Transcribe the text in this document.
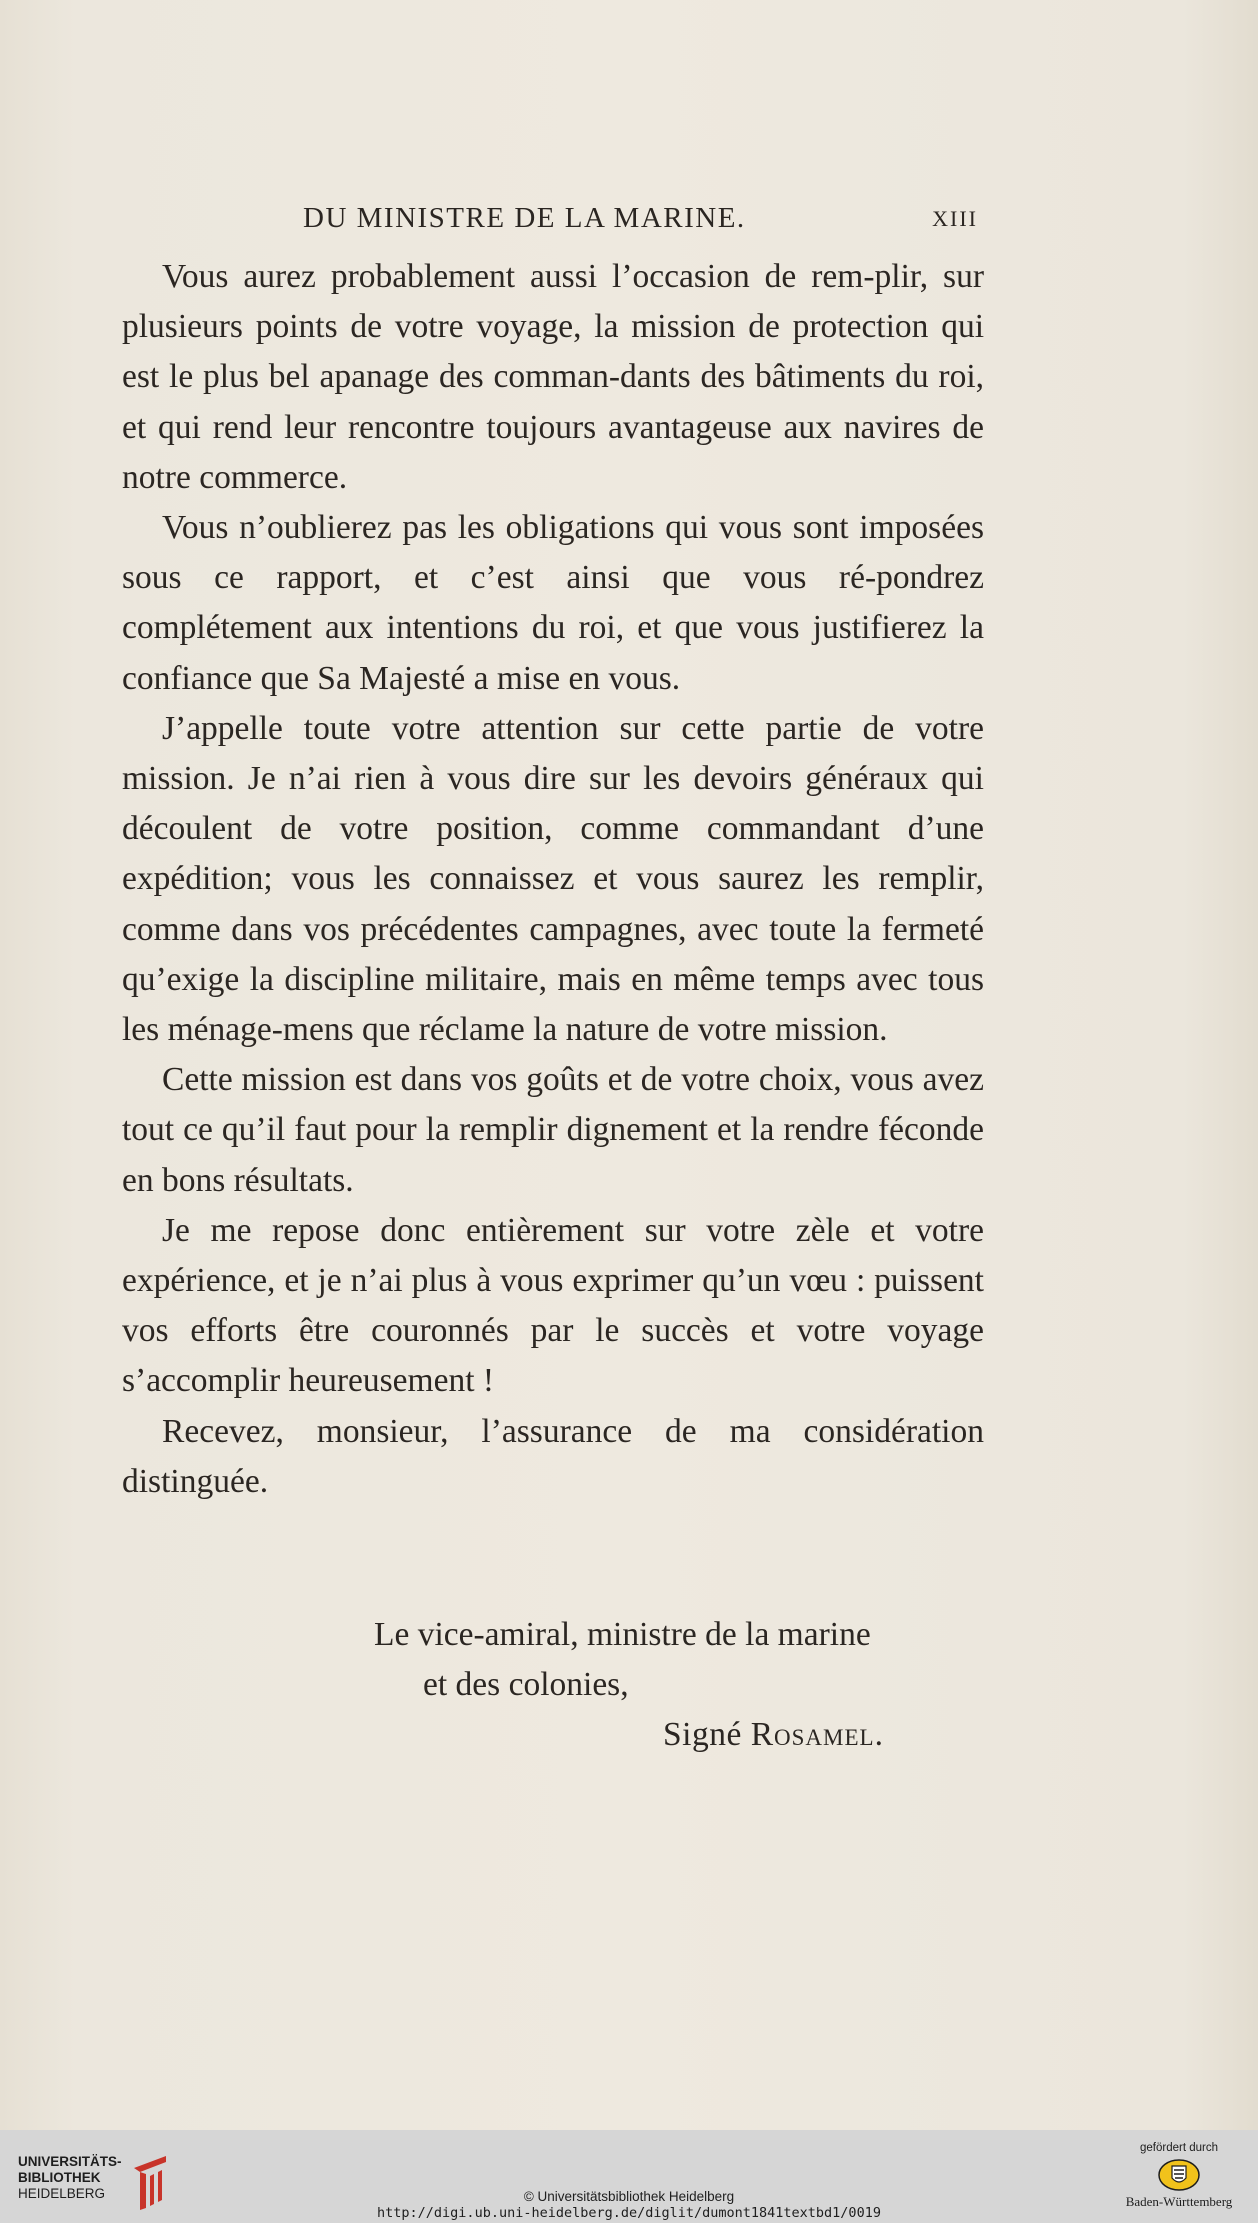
DU MINISTRE DE LA MARINE.	XIII

Vous aurez probablement aussi l’occasion de rem-plir, sur plusieurs points de votre voyage, la mission de protection qui est le plus bel apanage des comman-dants des bâtiments du roi, et qui rend leur rencontre toujours avantageuse aux navires de notre commerce.

Vous n’oublierez pas les obligations qui vous sont imposées sous ce rapport, et c’est ainsi que vous ré-pondrez complétement aux intentions du roi, et que vous justifierez la confiance que Sa Majesté a mise en vous.

J’appelle toute votre attention sur cette partie de votre mission. Je n’ai rien à vous dire sur les devoirs généraux qui découlent de votre position, comme commandant d’une expédition; vous les connaissez et vous saurez les remplir, comme dans vos précédentes campagnes, avec toute la fermeté qu’exige la discipline militaire, mais en même temps avec tous les ménage-mens que réclame la nature de votre mission.

Cette mission est dans vos goûts et de votre choix, vous avez tout ce qu’il faut pour la remplir dignement et la rendre féconde en bons résultats.

Je me repose donc entièrement sur votre zèle et votre expérience, et je n’ai plus à vous exprimer qu’un vœu : puissent vos efforts être couronnés par le succès et votre voyage s’accomplir heureusement !

Recevez, monsieur, l’assurance de ma considération distinguée.

Le vice-amiral, ministre de la marine
et des colonies,
Signé Rosamel.
UNIVERSITÄTS-
BIBLIOTHEK
HEIDELBERG	© Universitätsbibliothek Heidelberg
http://digi.ub.uni-heidelberg.de/diglit/dumont1841textbd1/0019
gefördert durch
Baden-Württemberg
